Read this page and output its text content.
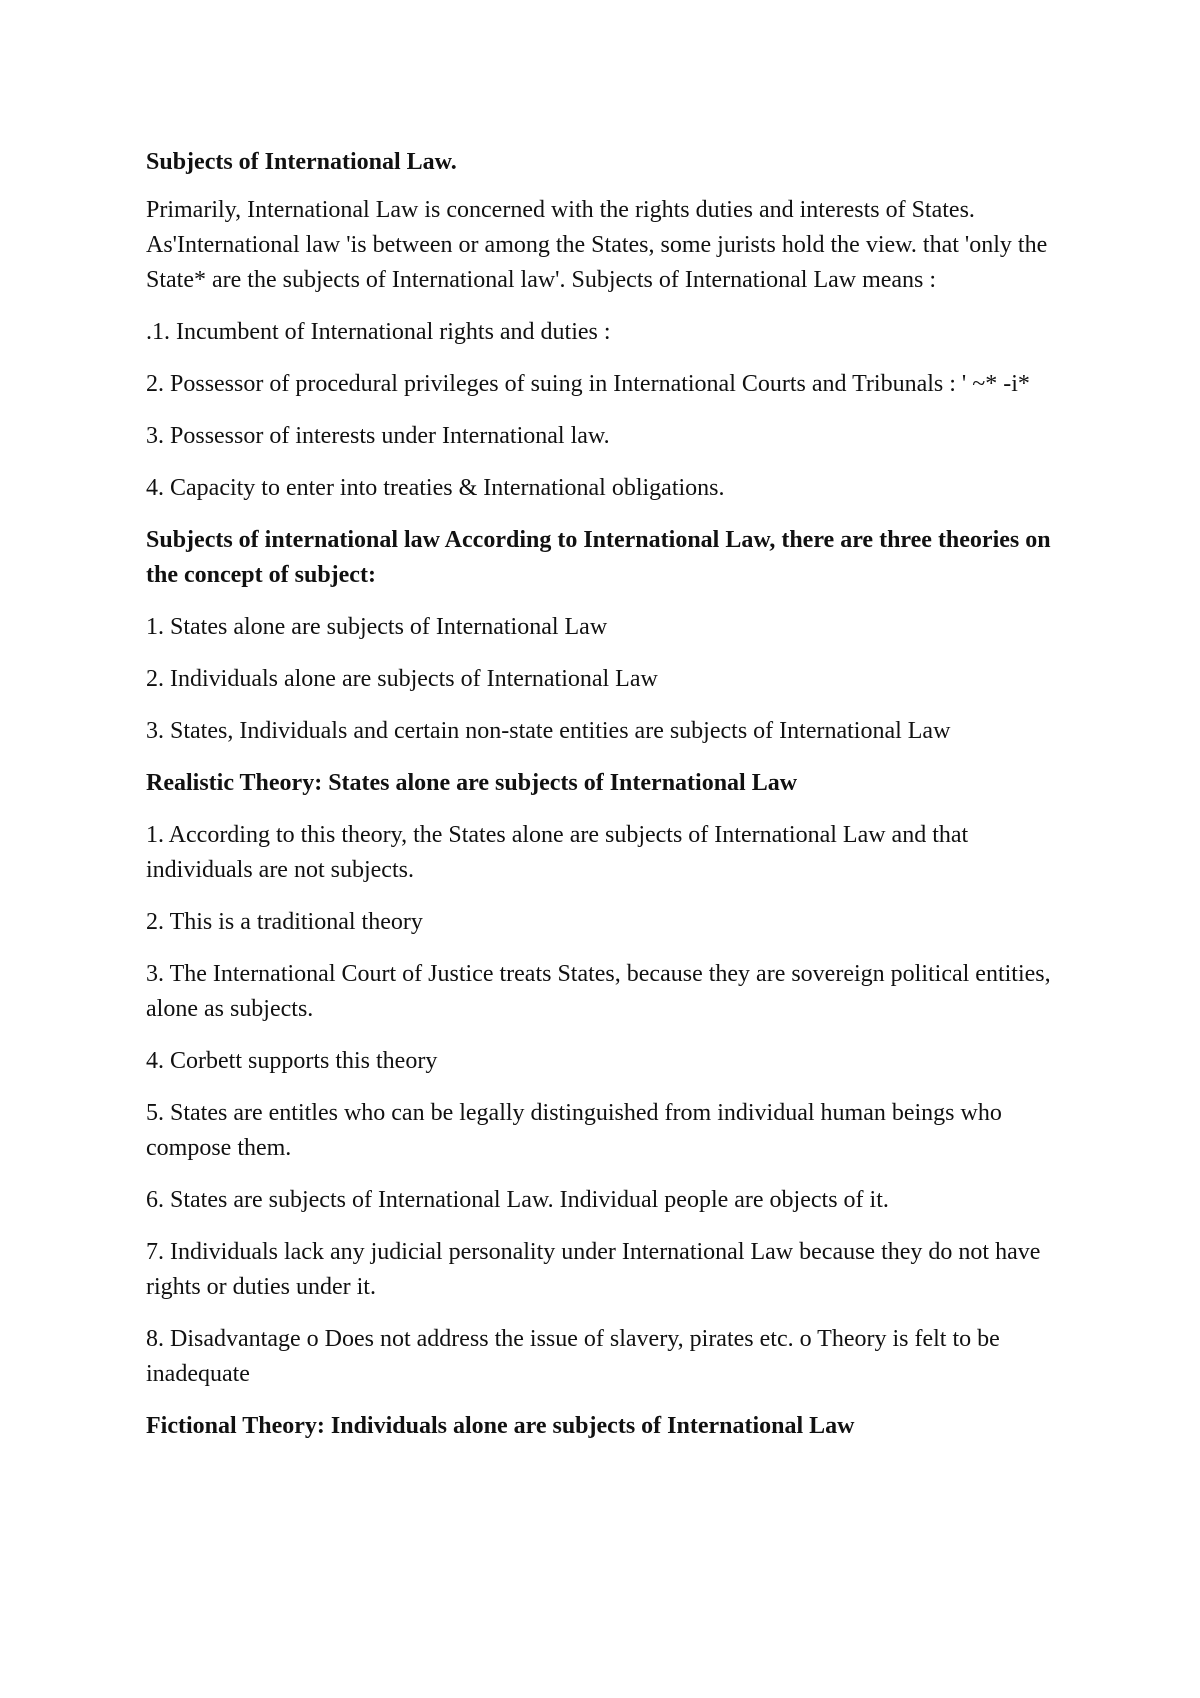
Subjects of International Law.

Primarily, International Law is concerned with the rights duties and interests of States. As'International law 'is between or among the States, some jurists hold the view. that 'only the State* are the subjects of International law'. Subjects of International Law means :

.1. Incumbent of International rights and duties :

2. Possessor of procedural privileges of suing in International Courts and Tribunals : ' ~* -i*

3. Possessor of interests under International law.

4. Capacity to enter into treaties & International obligations.

Subjects of international law According to International Law, there are three theories on the concept of subject:

1. States alone are subjects of International Law

2. Individuals alone are subjects of International Law

3. States, Individuals and certain non-state entities are subjects of International Law

Realistic Theory: States alone are subjects of International Law

1. According to this theory, the States alone are subjects of International Law and that individuals are not subjects.

2. This is a traditional theory

3. The International Court of Justice treats States, because they are sovereign political entities, alone as subjects.

4. Corbett supports this theory

5. States are entitles who can be legally distinguished from individual human beings who compose them.

6. States are subjects of International Law. Individual people are objects of it.

7. Individuals lack any judicial personality under International Law because they do not have rights or duties under it.

8. Disadvantage o Does not address the issue of slavery, pirates etc. o Theory is felt to be inadequate

Fictional Theory: Individuals alone are subjects of International Law
